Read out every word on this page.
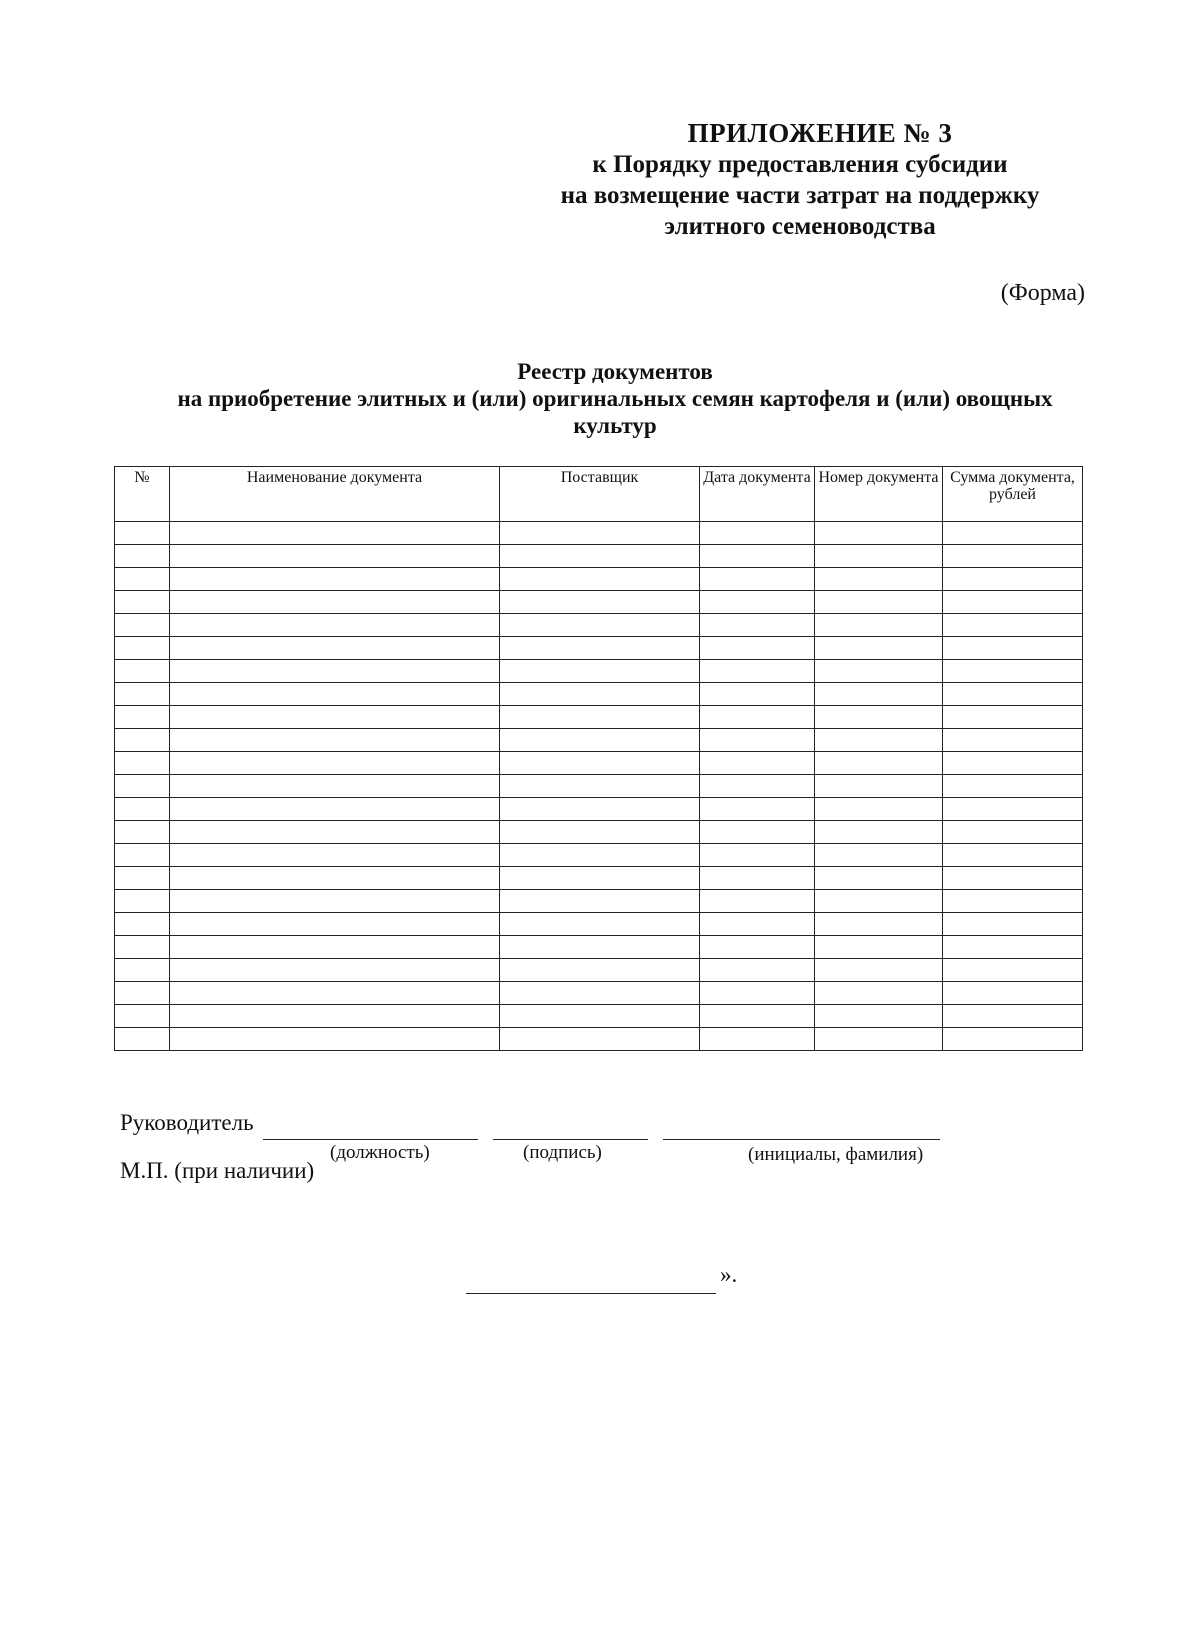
ПРИЛОЖЕНИЕ № 3
к Порядку предоставления субсидии
на возмещение части затрат на поддержку
элитного семеноводства
(Форма)
Реестр документов
на приобретение элитных и (или) оригинальных семян картофеля и (или) овощных
культур
№	Наименование документа	Поставщик	Дата документа	Номер документа	Сумма документа, рублей

Руководитель
(должность)	(подпись)	(инициалы, фамилия)
М.П. (при наличии)
».
